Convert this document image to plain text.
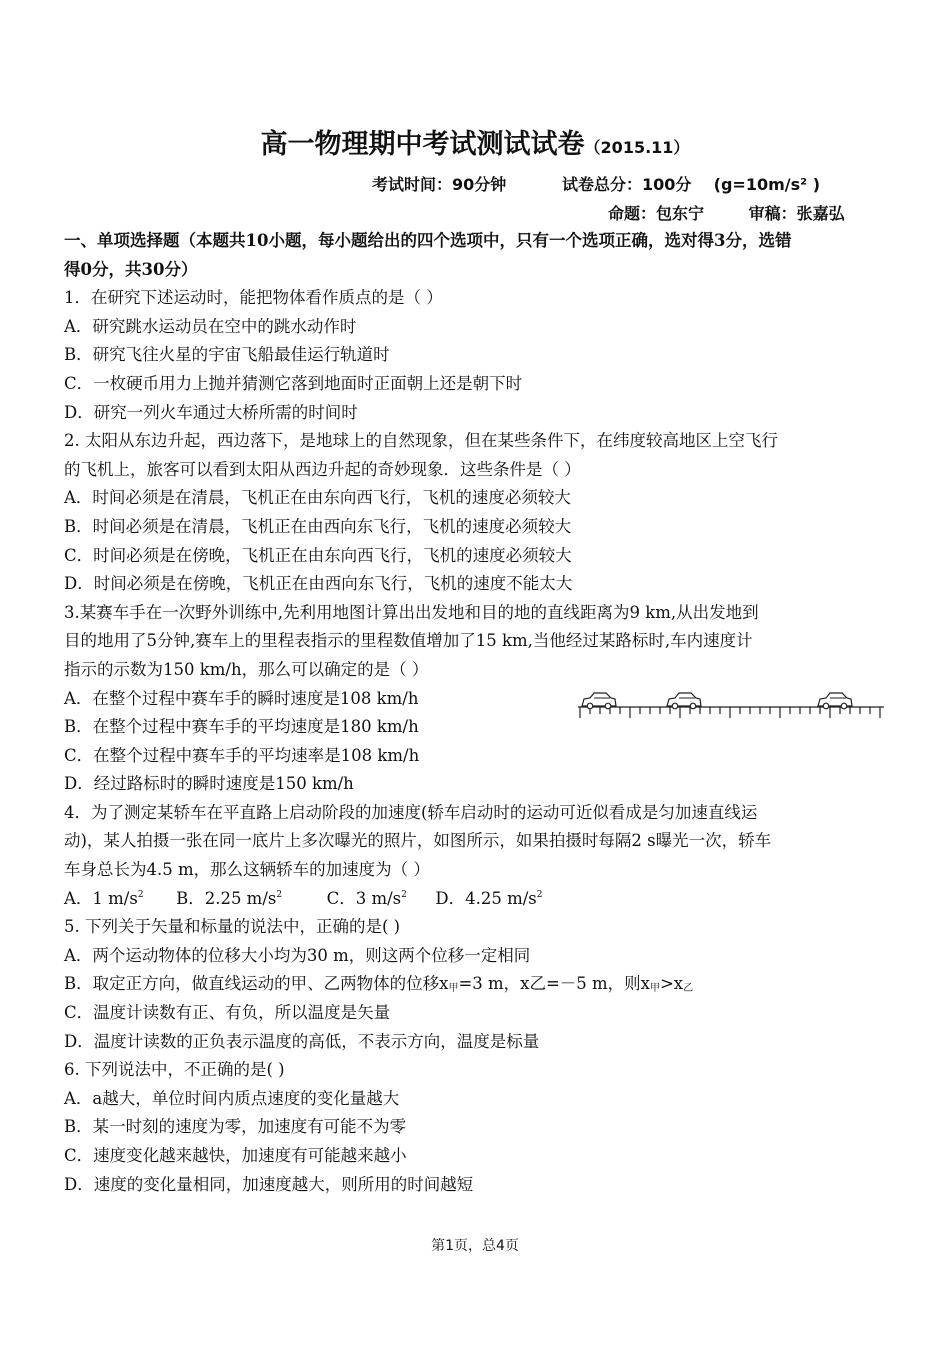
高一物理期中考试测试试卷（2015.11）
考试时间：90分钟          试卷总分：100分    (g=10m/s² )
命题：包东宁        审稿：张嘉弘

一、单项选择题（本题共10小题，每小题给出的四个选项中，只有一个选项正确，选对得3分，选错

得0分，共30分）

1．在研究下述运动时，能把物体看作质点的是（ ）

A．研究跳水运动员在空中的跳水动作时

B．研究飞往火星的宇宙飞船最佳运行轨道时

C．一枚硬币用力上抛并猜测它落到地面时正面朝上还是朝下时

D．研究一列火车通过大桥所需的时间时

2. 太阳从东边升起，西边落下，是地球上的自然现象，但在某些条件下，在纬度较高地区上空飞行

的飞机上，旅客可以看到太阳从西边升起的奇妙现象．这些条件是（ ）

A．时间必须是在清晨，飞机正在由东向西飞行，飞机的速度必须较大

B．时间必须是在清晨，飞机正在由西向东飞行，飞机的速度必须较大

C．时间必须是在傍晚，飞机正在由东向西飞行，飞机的速度必须较大

D．时间必须是在傍晚，飞机正在由西向东飞行，飞机的速度不能太大

3.某赛车手在一次野外训练中,先利用地图计算出出发地和目的地的直线距离为9 km,从出发地到

目的地用了5分钟,赛车上的里程表指示的里程数值增加了15 km,当他经过某路标时,车内速度计

指示的示数为150 km/h，那么可以确定的是（ ）

A．在整个过程中赛车手的瞬时速度是108 km/h

B．在整个过程中赛车手的平均速度是180 km/h

C．在整个过程中赛车手的平均速率是108 km/h

D．经过路标时的瞬时速度是150 km/h

4．为了测定某轿车在平直路上启动阶段的加速度(轿车启动时的运动可近似看成是匀加速直线运

动)，某人拍摄一张在同一底片上多次曝光的照片，如图所示，如果拍摄时每隔2 s曝光一次，轿车

车身总长为4.5 m，那么这辆轿车的加速度为（ ）

A．1 $m/s^2$ B．2.25 $m/s^2$	C．3 $m/s^2$ D．4.25 $m/s^2$

5. 下列关于矢量和标量的说法中，正确的是( )

A．两个运动物体的位移大小均为30 m，则这两个位移一定相同

B．取定正方向，做直线运动的甲、乙两物体的位移$x_甲=3$ m，x乙=－5 m，则$x_甲>x_乙$

C．温度计读数有正、有负，所以温度是矢量

D．温度计读数的正负表示温度的高低，不表示方向，温度是标量

6. 下列说法中，不正确的是( )

A．a越大，单位时间内质点速度的变化量越大

B．某一时刻的速度为零，加速度有可能不为零

C．速度变化越来越快，加速度有可能越来越小

D．速度的变化量相同，加速度越大，则所用的时间越短

第1页，总4页
